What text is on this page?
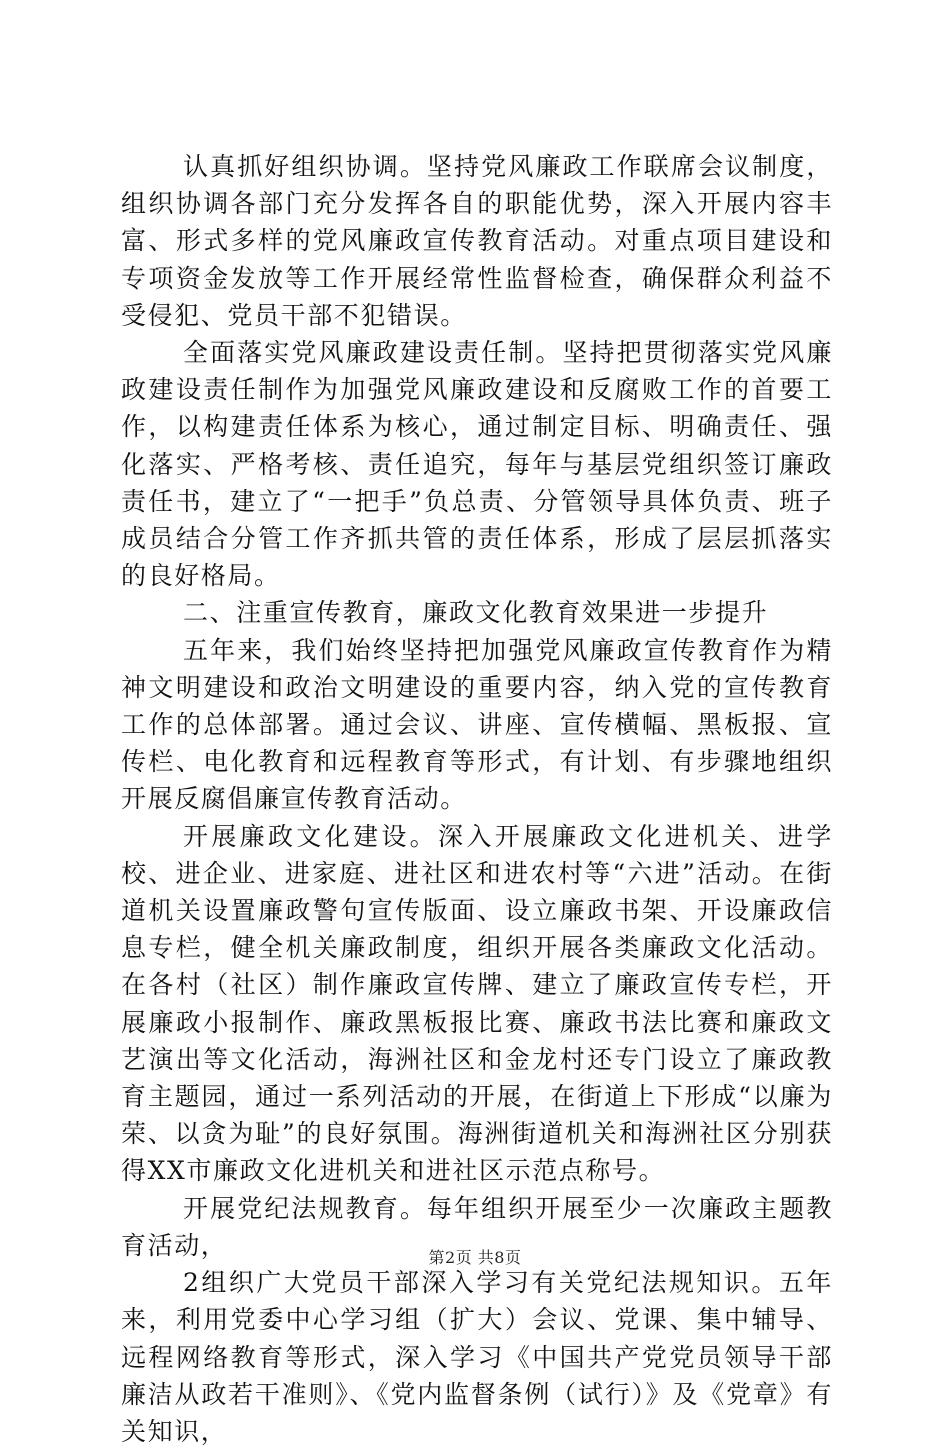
认真抓好组织协调。坚持党风廉政工作联席会议制度，组织协调各部门充分发挥各自的职能优势，深入开展内容丰富、形式多样的党风廉政宣传教育活动。对重点项目建设和专项资金发放等工作开展经常性监督检查，确保群众利益不受侵犯、党员干部不犯错误。

全面落实党风廉政建设责任制。坚持把贯彻落实党风廉政建设责任制作为加强党风廉政建设和反腐败工作的首要工作，以构建责任体系为核心，通过制定目标、明确责任、强化落实、严格考核、责任追究，每年与基层党组织签订廉政责任书，建立了“一把手”负总责、分管领导具体负责、班子成员结合分管工作齐抓共管的责任体系，形成了层层抓落实的良好格局。

二、注重宣传教育，廉政文化教育效果进一步提升

五年来，我们始终坚持把加强党风廉政宣传教育作为精神文明建设和政治文明建设的重要内容，纳入党的宣传教育工作的总体部署。通过会议、讲座、宣传横幅、黑板报、宣传栏、电化教育和远程教育等形式，有计划、有步骤地组织开展反腐倡廉宣传教育活动。

开展廉政文化建设。深入开展廉政文化进机关、进学校、进企业、进家庭、进社区和进农村等“六进”活动。在街道机关设置廉政警句宣传版面、设立廉政书架、开设廉政信息专栏，健全机关廉政制度，组织开展各类廉政文化活动。在各村（社区）制作廉政宣传牌、建立了廉政宣传专栏，开展廉政小报制作、廉政黑板报比赛、廉政书法比赛和廉政文艺演出等文化活动，海洲社区和金龙村还专门设立了廉政教育主题园，通过一系列活动的开展，在街道上下形成“以廉为荣、以贪为耻”的良好氛围。海洲街道机关和海洲社区分别获得XX市廉政文化进机关和进社区示范点称号。

开展党纪法规教育。每年组织开展至少一次廉政主题教育活动，

2组织广大党员干部深入学习有关党纪法规知识。五年来，利用党委中心学习组（扩大）会议、党课、集中辅导、远程网络教育等形式，深入学习《中国共产党党员领导干部廉洁从政若干准则》、《党内监督条例（试行）》及《党章》有关知识，

第2页 共8页
